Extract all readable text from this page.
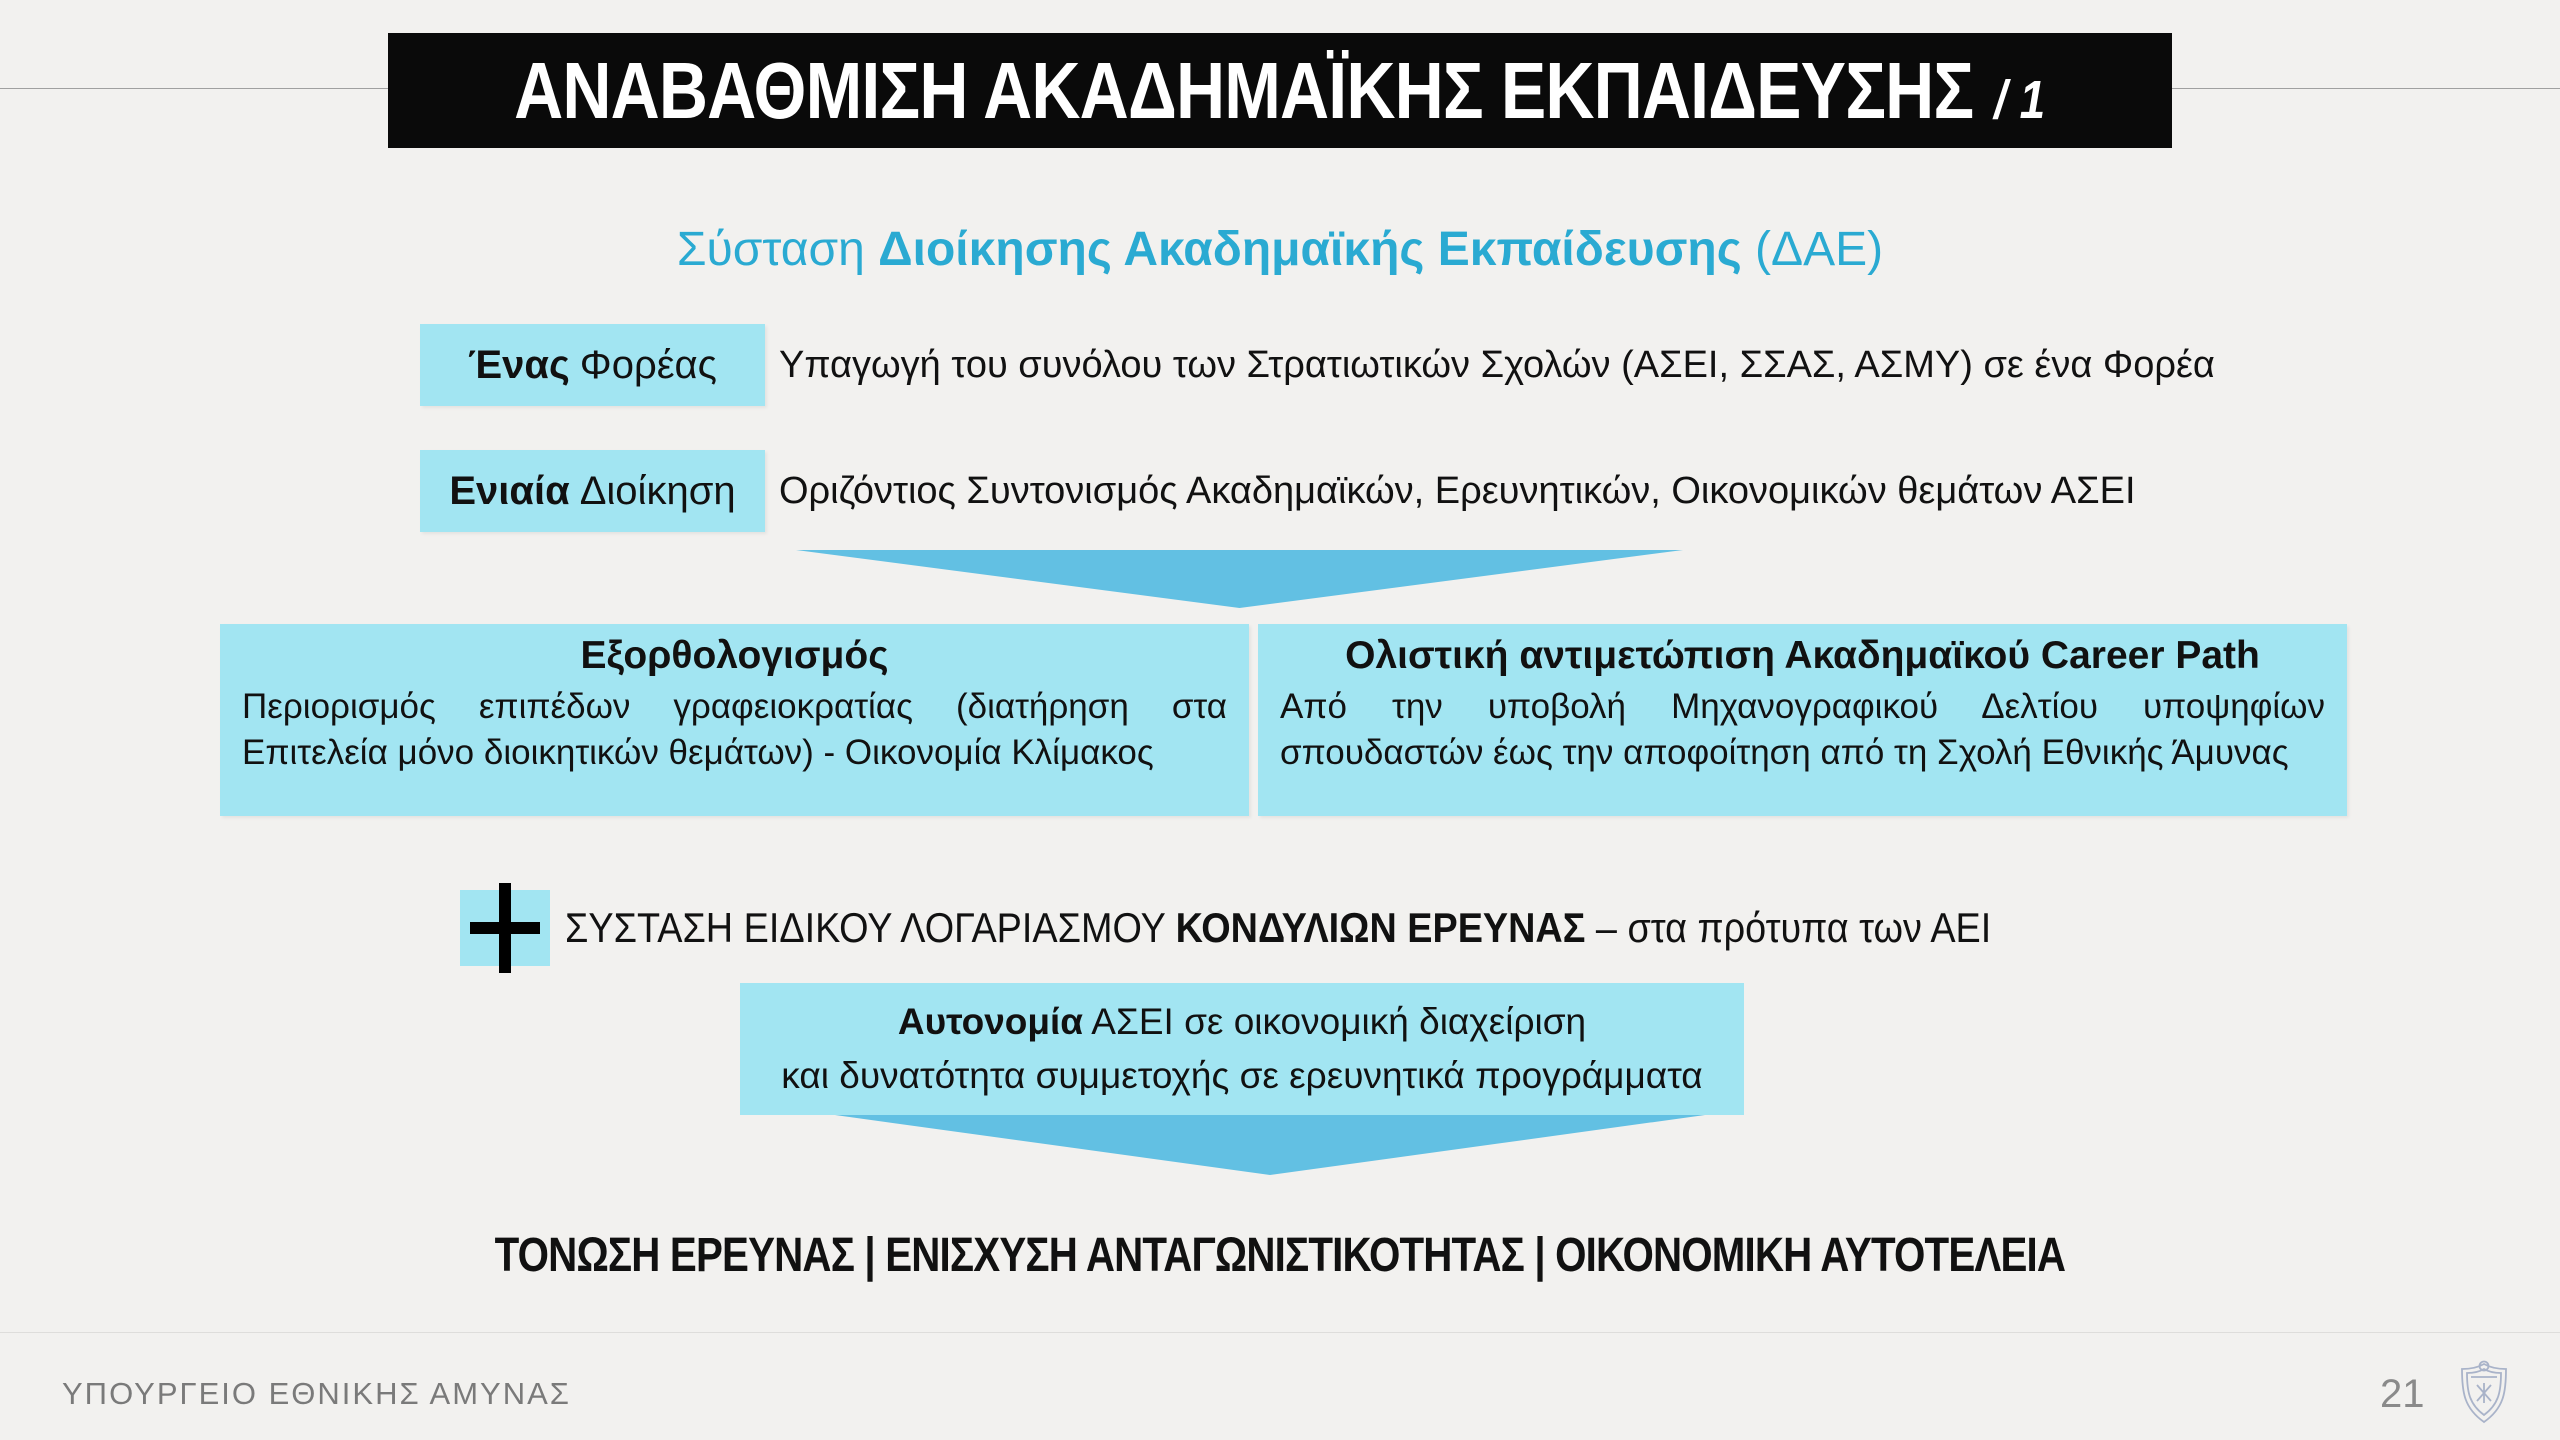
ΑΝΑΒΑΘΜΙΣΗ ΑΚΑΔΗΜΑΪΚΗΣ ΕΚΠΑΙΔΕΥΣΗΣ / 1
Σύσταση Διοίκησης Ακαδημαϊκής Εκπαίδευσης (ΔΑΕ)
Ένας Φορέας Υπαγωγή του συνόλου των Στρατιωτικών Σχολών (ΑΣΕΙ, ΣΣΑΣ, ΑΣΜΥ) σε ένα Φορέα
Ενιαία Διοίκηση Οριζόντιος Συντονισμός Ακαδημαϊκών, Ερευνητικών, Οικονομικών θεμάτων ΑΣΕΙ
Εξορθολογισμός
Περιορισμός επιπέδων γραφειοκρατίας (διατήρηση στα Επιτελεία μόνο διοικητικών θεμάτων) - Οικονομία Κλίμακος
Ολιστική αντιμετώπιση Ακαδημαϊκού Career Path
Από την υποβολή Μηχανογραφικού Δελτίου υποψηφίων σπουδαστών έως την αποφοίτηση από τη Σχολή Εθνικής Άμυνας
ΣΥΣΤΑΣΗ ΕΙΔΙΚΟΥ ΛΟΓΑΡΙΑΣΜΟΥ ΚΟΝΔΥΛΙΩΝ ΕΡΕΥΝΑΣ – στα πρότυπα των ΑΕΙ
Αυτονομία ΑΣΕΙ σε οικονομική διαχείριση
και δυνατότητα συμμετοχής σε ερευνητικά προγράμματα
ΤΟΝΩΣΗ ΕΡΕΥΝΑΣ | ΕΝΙΣΧΥΣΗ ΑΝΤΑΓΩΝΙΣΤΙΚΟΤΗΤΑΣ | ΟΙΚΟΝΟΜΙΚΗ ΑΥΤΟΤΕΛΕΙΑ
ΥΠΟΥΡΓΕΙΟ ΕΘΝΙΚΗΣ ΑΜΥΝΑΣ	21
